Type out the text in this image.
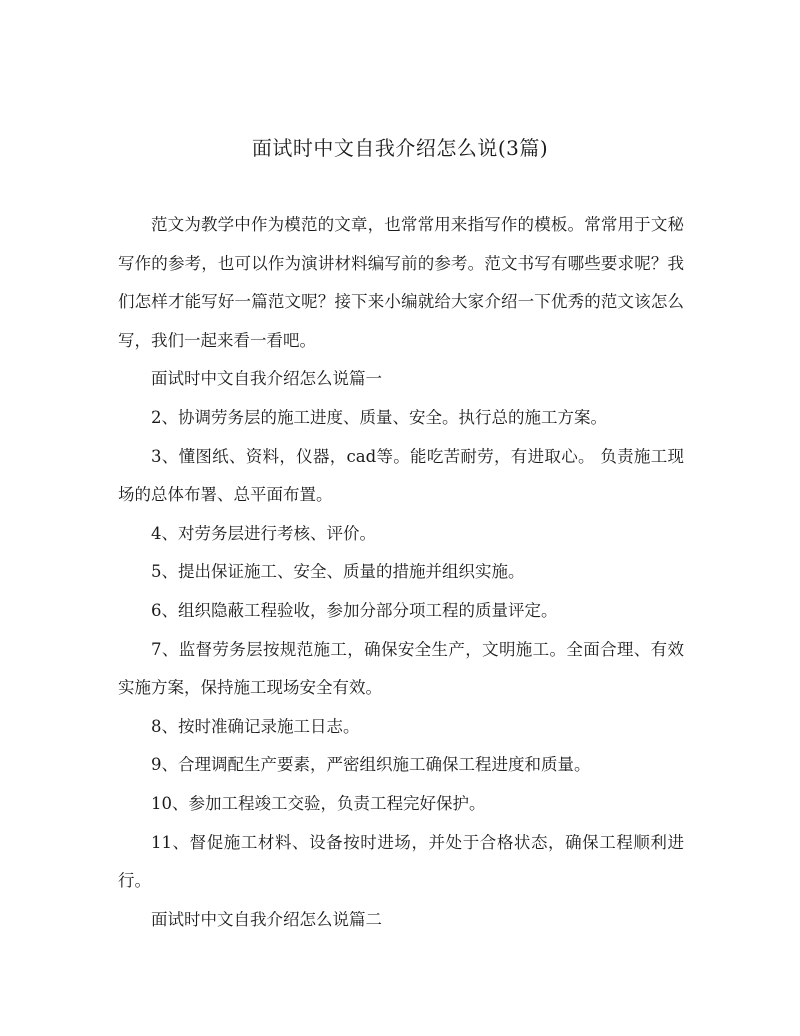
面试时中文自我介绍怎么说(3篇)

范文为教学中作为模范的文章，也常常用来指写作的模板。常常用于文秘写作的参考，也可以作为演讲材料编写前的参考。范文书写有哪些要求呢？我们怎样才能写好一篇范文呢？接下来小编就给大家介绍一下优秀的范文该怎么写，我们一起来看一看吧。

面试时中文自我介绍怎么说篇一

2、协调劳务层的施工进度、质量、安全。执行总的施工方案。

3、懂图纸、资料，仪器，cad等。能吃苦耐劳，有进取心。 负责施工现场的总体布署、总平面布置。

4、对劳务层进行考核、评价。

5、提出保证施工、安全、质量的措施并组织实施。

6、组织隐蔽工程验收，参加分部分项工程的质量评定。

7、监督劳务层按规范施工，确保安全生产，文明施工。全面合理、有效实施方案，保持施工现场安全有效。

8、按时准确记录施工日志。

9、合理调配生产要素，严密组织施工确保工程进度和质量。

10、参加工程竣工交验，负责工程完好保护。

11、督促施工材料、设备按时进场，并处于合格状态，确保工程顺利进行。

面试时中文自我介绍怎么说篇二
